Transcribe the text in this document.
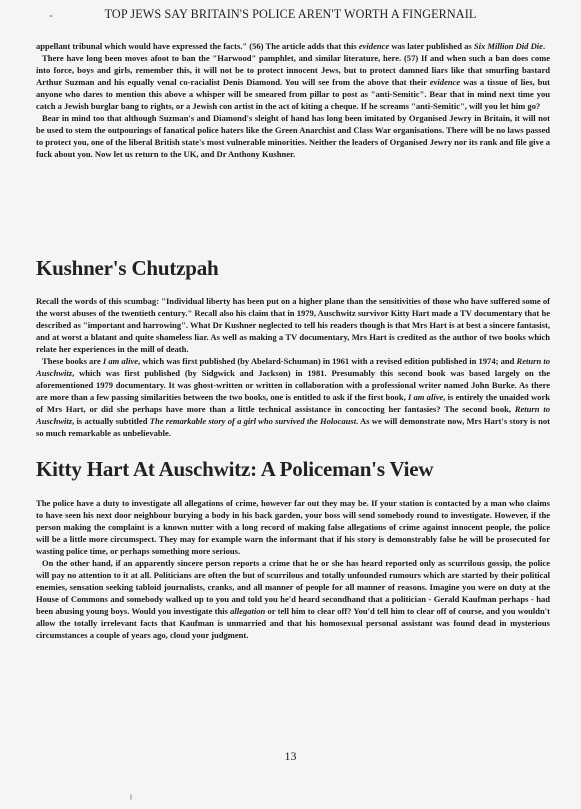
TOP JEWS SAY BRITAIN'S POLICE AREN'T WORTH A FINGERNAIL

appellant tribunal which would have expressed the facts." (56) The article adds that this evidence was later published as Six Million Did Die.

There have long been moves afoot to ban the "Harwood" pamphlet, and similar literature, here. (57) If and when such a ban does come into force, boys and girls, remember this, it will not be to protect innocent Jews, but to protect damned liars like that smurfing bastard Arthur Suzman and his equally venal co-racialist Denis Diamond. You will see from the above that their evidence was a tissue of lies, but anyone who dares to mention this above a whisper will be smeared from pillar to post as "anti-Semitic". Bear that in mind next time you catch a Jewish burglar bang to rights, or a Jewish con artist in the act of kiting a cheque. If he screams "anti-Semitic", will you let him go?

Bear in mind too that although Suzman's and Diamond's sleight of hand has long been imitated by Organised Jewry in Britain, it will not be used to stem the outpourings of fanatical police haters like the Green Anarchist and Class War organisations. There will be no laws passed to protect you, one of the liberal British state's most vulnerable minorities. Neither the leaders of Organised Jewry nor its rank and file give a fuck about you. Now let us return to the UK, and Dr Anthony Kushner.

Kushner's Chutzpah

Recall the words of this scumbag: "Individual liberty has been put on a higher plane than the sensitivities of those who have suffered some of the worst abuses of the twentieth century." Recall also his claim that in 1979, Auschwitz survivor Kitty Hart made a TV documentary that he described as "important and harrowing". What Dr Kushner neglected to tell his readers though is that Mrs Hart is at best a sincere fantasist, and at worst a blatant and quite shameless liar. As well as making a TV documentary, Mrs Hart is credited as the author of two books which relate her experiences in the mill of death.

These books are I am alive, which was first published (by Abelard-Schuman) in 1961 with a revised edition published in 1974; and Return to Auschwitz, which was first published (by Sidgwick and Jackson) in 1981. Presumably this second book was based largely on the aforementioned 1979 documentary. It was ghost-written or written in collaboration with a professional writer named John Burke. As there are more than a few passing similarities between the two books, one is entitled to ask if the first book, I am alive, is entirely the unaided work of Mrs Hart, or did she perhaps have more than a little technical assistance in concocting her fantasies? The second book, Return to Auschwitz, is actually subtitled The remarkable story of a girl who survived the Holocaust. As we will demonstrate now, Mrs Hart's story is not so much remarkable as unbelievable.

Kitty Hart At Auschwitz: A Policeman's View

The police have a duty to investigate all allegations of crime, however far out they may be. If your station is contacted by a man who claims to have seen his next door neighbour burying a body in his back garden, your boss will send somebody round to investigate. However, if the person making the complaint is a known nutter with a long record of making false allegations of crime against innocent people, the police will be a little more circumspect. They may for example warn the informant that if his story is demonstrably false he will be prosecuted for wasting police time, or perhaps something more serious.

On the other hand, if an apparently sincere person reports a crime that he or she has heard reported only as scurrilous gossip, the police will pay no attention to it at all. Politicians are often the but of scurrilous and totally unfounded rumours which are started by their political enemies, sensation seeking tabloid journalists, cranks, and all manner of people for all manner of reasons. Imagine you were on duty at the House of Commons and somebody walked up to you and told you he'd heard secondhand that a politician - Gerald Kaufman perhaps - had been abusing young boys. Would you investigate this allegation or tell him to clear off? You'd tell him to clear off of course, and you wouldn't allow the totally irrelevant facts that Kaufman is unmarried and that his homosexual personal assistant was found dead in mysterious circumstances a couple of years ago, cloud your judgment.

13
